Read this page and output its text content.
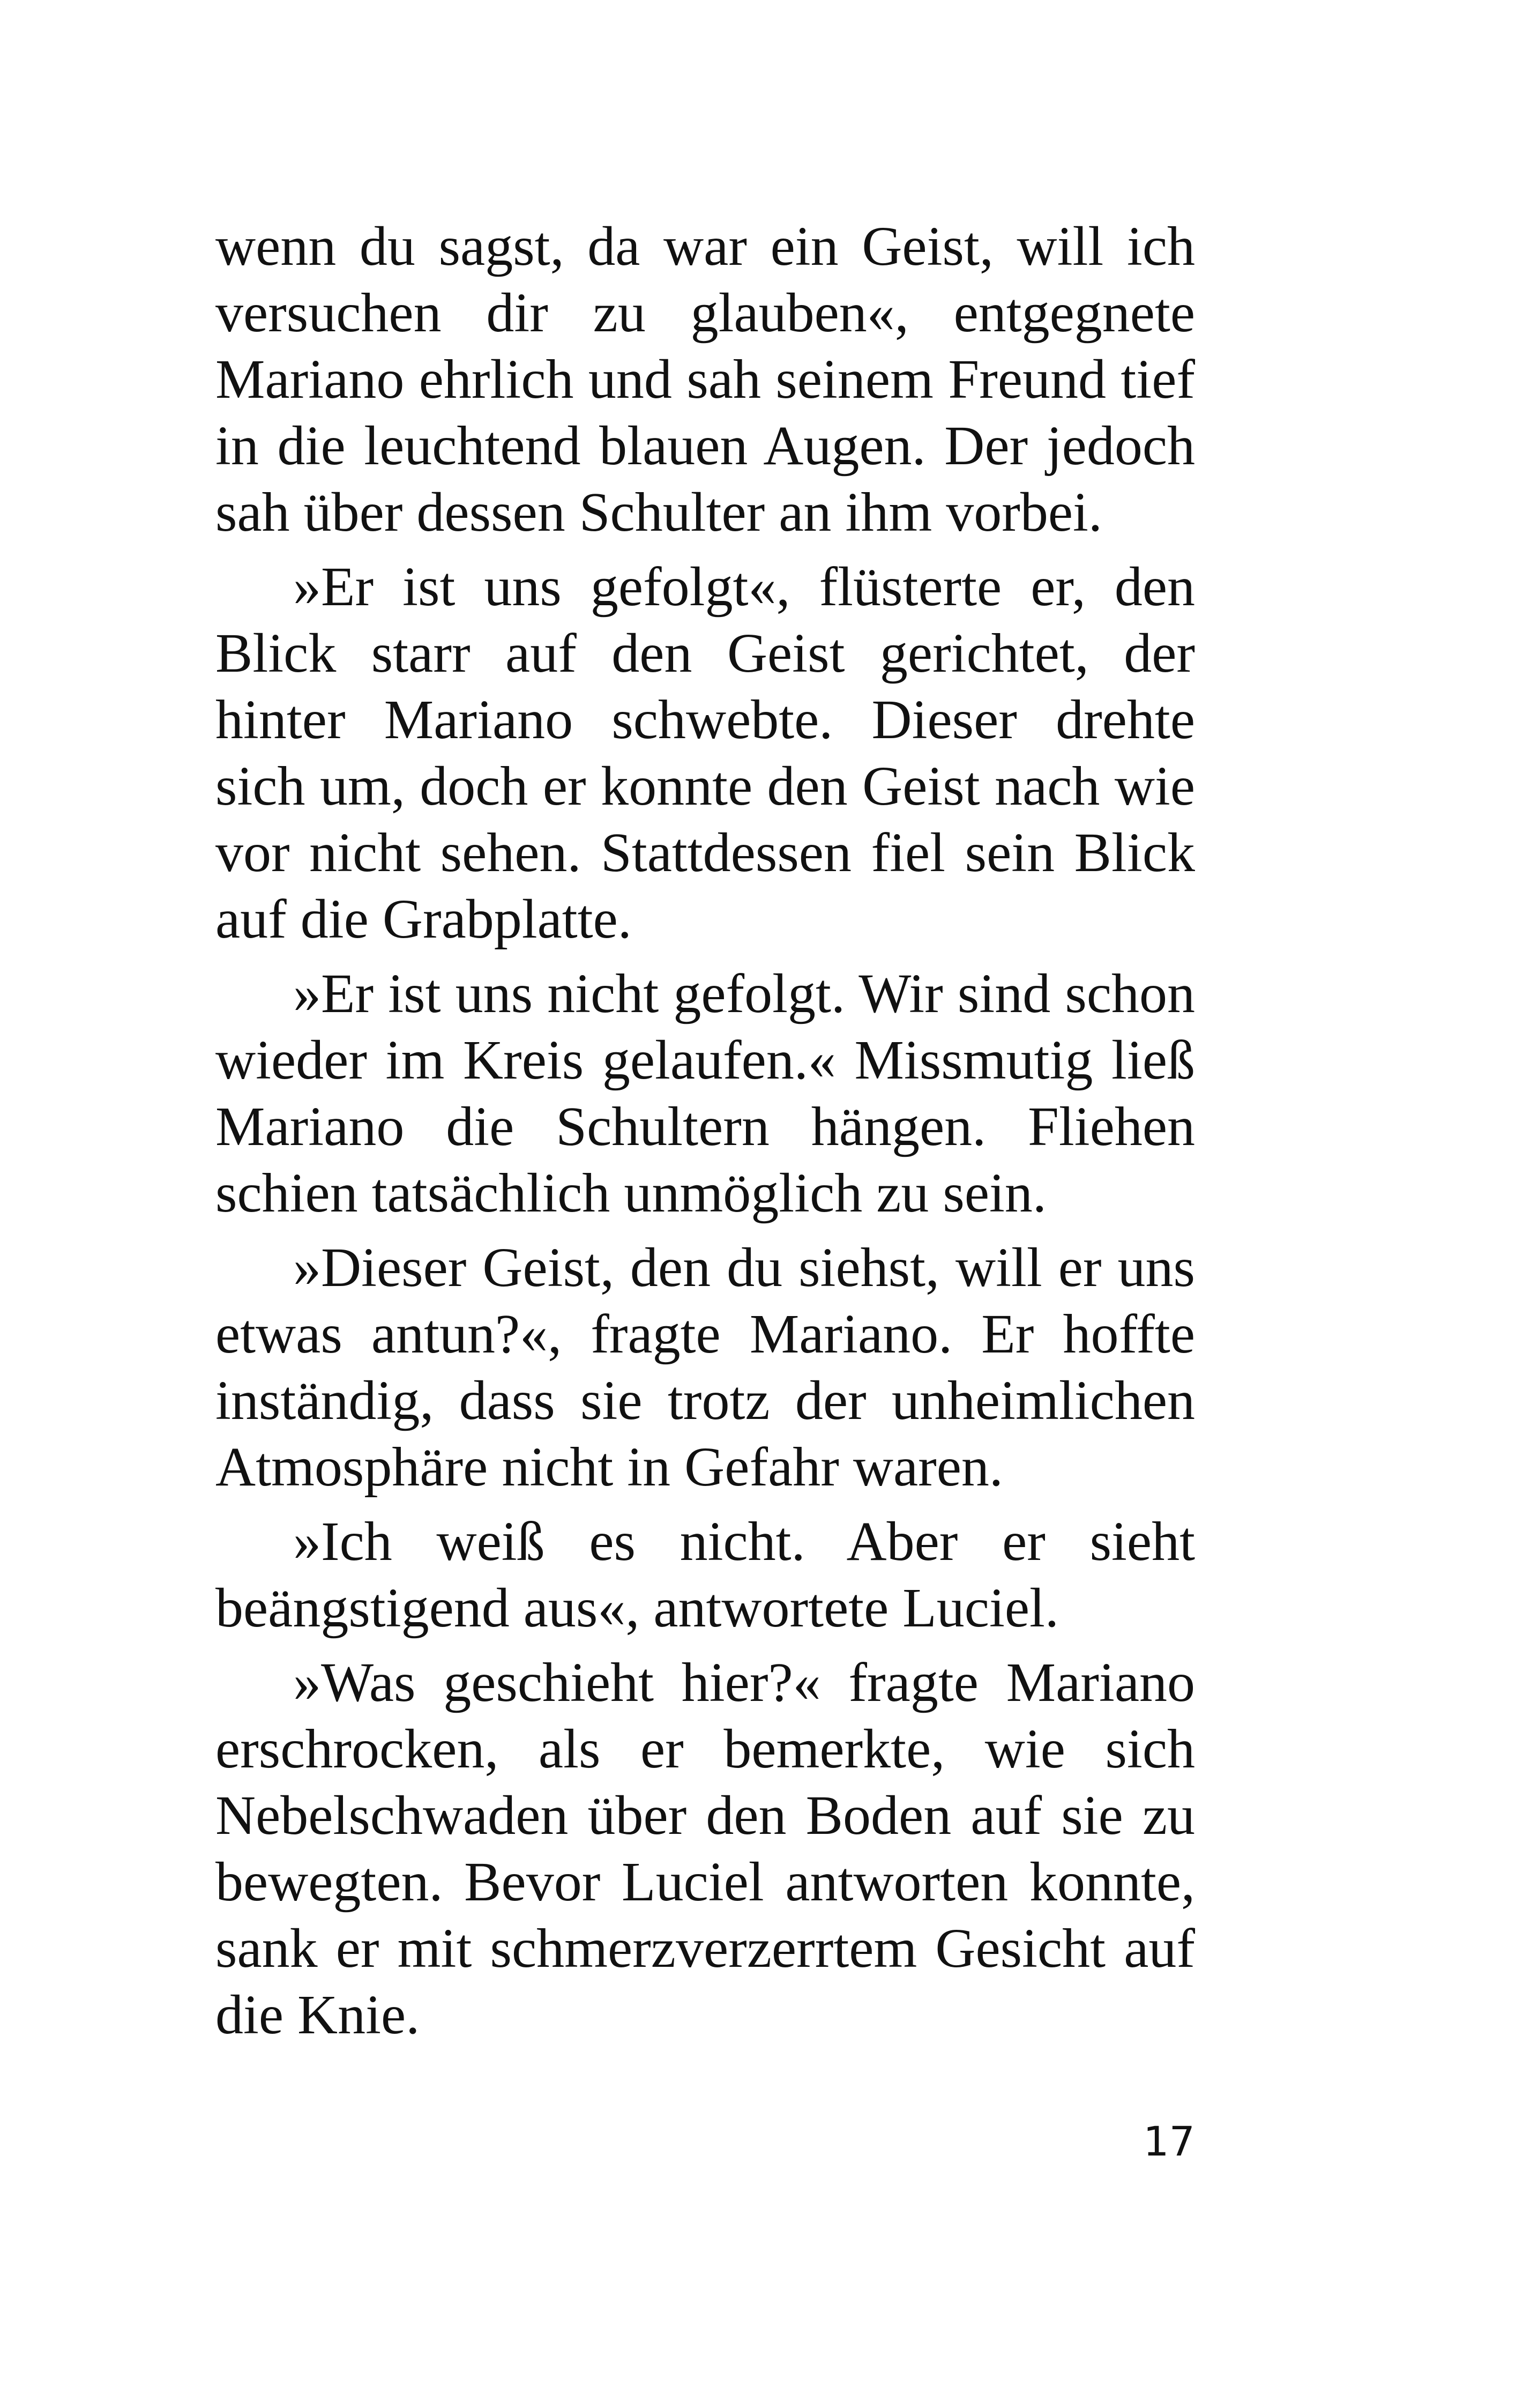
wenn du sagst, da war ein Geist, will ich versuchen dir zu glauben«, entgegnete Mariano ehrlich und sah seinem Freund tief in die leuchtend blauen Augen. Der jedoch sah über dessen Schulter an ihm vorbei.

»Er ist uns gefolgt«, flüsterte er, den Blick starr auf den Geist gerichtet, der hinter Mariano schwebte. Dieser drehte sich um, doch er konnte den Geist nach wie vor nicht sehen. Stattdessen fiel sein Blick auf die Grabplatte.

»Er ist uns nicht gefolgt. Wir sind schon wieder im Kreis gelaufen.« Missmutig ließ Mariano die Schultern hängen. Fliehen schien tatsächlich unmöglich zu sein.

»Dieser Geist, den du siehst, will er uns etwas antun?«, fragte Mariano. Er hoffte inständig, dass sie trotz der unheimlichen Atmosphäre nicht in Gefahr waren.

»Ich weiß es nicht. Aber er sieht beängstigend aus«, antwortete Luciel.

»Was geschieht hier?« fragte Mariano erschrocken, als er bemerkte, wie sich Nebelschwaden über den Boden auf sie zu bewegten. Bevor Luciel antworten konnte, sank er mit schmerzverzerrtem Gesicht auf die Knie.

17
